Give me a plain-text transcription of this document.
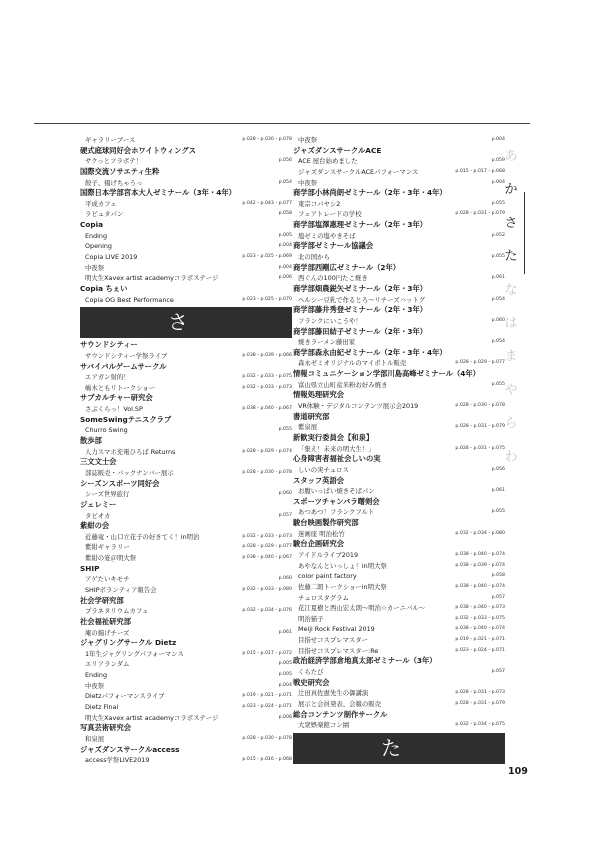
ギャラリーブース	p.028・p.030・p.078
硬式庭球同好会ホワイトウィングス
サクっとフラボテ！	p.056
国際交流ソサエティ生粋
餃子、揚げちゃうっ	p.054
国際日本学部宮本大人ゼミナール（3年・4年）
平成カフェ	p.042・p.043・p.077
ラピュタパン	p.058
Copia
Ending	p.005
Opening	p.004
Copia LIVE 2019	p.023・p.025・p.069
中夜祭	p.004
明大生Xavex artist academyコラボステージ	p.006
Copia ちぇい
Copia OG Best Performance	p.023・p.025・p.070
さ
サウンドシティー
サウンドシティー学祭ライブ	p.038・p.039・p.066
サバイバルゲームサークル
エアガン射的！	p.032・p.033・p.075
嶋木ともリトークショー	p.032・p.033・p.073
サブカルチャー研究会
さぶくらっ！Vol.SP	p.038・p.040・p.067
SomeSwingテニスクラブ
Churro Swing	p.055
散歩部
人力スマホ充電ひろば Returns	p.028・p.029・p.074
三文文士会
部誌販売・バックナンバー展示	p.028・p.030・p.078
シーズンスポーツ同好会
シーズ世界旅行	p.060
ジェレミー
タピオカ	p.057
紫紺の会
近藤竜・山口立花子の好きてく！in明治	p.032・p.033・p.073
紫紺ギャラリー	p.028・p.029・p.077
紫紺の宴＠明大祭	p.038・p.040・p.067
SHIP
アゲたいキモチ	p.060
SHIPボランティア報告会	p.032・p.033・p.080
社会学研究部
プラネタリウムカフェ	p.032・p.034・p.076
社会福祉研究部
庵の揚げチーズ	p.061
ジャグリングサークル Dietz
1年生ジャグリングパフォーマンス	p.015・p.017・p.072
エリアランダム	p.005
Ending	p.005
中夜祭	p.004
Dietzパフォーマンスライブ	p.019・p.021・p.071
Dietz Final	p.023・p.024・p.071
明大生Xavex artist academyコラボステージ	p.006
写真芸術研究会
和泉展	p.028・p.030・p.078
ジャズダンスサークルaccess
access学祭LIVE2019	p.015・p.016・p.068
中夜祭	p.004
ジャズダンスサークルACE
ACE 屋台始めました	p.059
ジャズダンスサークルACEパフォーマンス	p.015・p.017・p.068
中夜祭	p.004
商学部小林尚朗ゼミナール（2年・3年・4年）
東宗コパヤシ2	p.055
フェアトレードの学校	p.028・p.031・p.079
商学部塩澤惠理ゼミナール（2年・3年）
塩ゼミの塩やきそば	p.052
商学部ゼミナール協議会
北の国から	p.055
商学部西剛広ゼミナール（2年）
西ぐんの100円たこ焼き	p.061
商学部畑農鋭矢ゼミナール（2年・3年）
ヘルシー豆乳で作るとろ〜リチーズハットグ	p.054
商学部藤井秀登ゼミナール（2年・3年）
フランクにいこうや！	p.060
商学部藤田結子ゼミナール（2年・3年）
焼きラーメン藤田家	p.054
商学部森永由紀ゼミナール（2年・3年・4年）
森永ゼミオリジナルのマイボトル販売	p.028・p.029・p.077
情報コミュニケーション学部川島高峰ゼミナール（4年）
富山県立山町産米粉お好み焼き	p.055
情報処理研究会
VR体験・デジタルコンテンツ展示会2019	p.028・p.030・p.078
書道研究部
紫泉展	p.028・p.031・p.079
新歓実行委員会【和泉】
「集え！未来の明大生！」	p.028・p.031・p.075
心身障害者福祉会しいの実
しいの実チュロス	p.056
スタッフ英語会
お腹いっぱい焼きそばパン	p.061
スポーツチャンバラ曙剣会
あつあつ！フランクフルト	p.055
駿台映画製作研究部
迷画座 明治松竹	p.032・p.034・p.080
駿台企画研究会
アイドルライブ2019	p.038・p.040・p.074
あやなんといっしょ！in明大祭	p.038・p.039・p.074
color paint factory	p.058
佐藤二朗トークショーin明大祭	p.038・p.040・p.074
チュロスタグラム	p.057
花江夏樹と西山宏太朗〜明治☆カーニバル〜	p.038・p.040・p.073
明治猫子	p.032・p.033・p.075
Meiji Rock Festival 2019	p.038・p.040・p.074
目指せコスプレマスター	p.019・p.021・p.071
目指せコスプレマスター:Re	p.023・p.024・p.071
政治経済学部倉地真太郎ゼミナール（3年）
くらたび	p.057
戦史研究会
辻田真佐憲先生の御講演	p.028・p.031・p.073
展示と会員発表、会報の販売	p.028・p.031・p.079
総合コンテンツ制作サークル
大衆娯楽館コン園	p.032・p.034・p.075
た
あ
か
さ
た
な
は
ま
や
ら
わ
109
